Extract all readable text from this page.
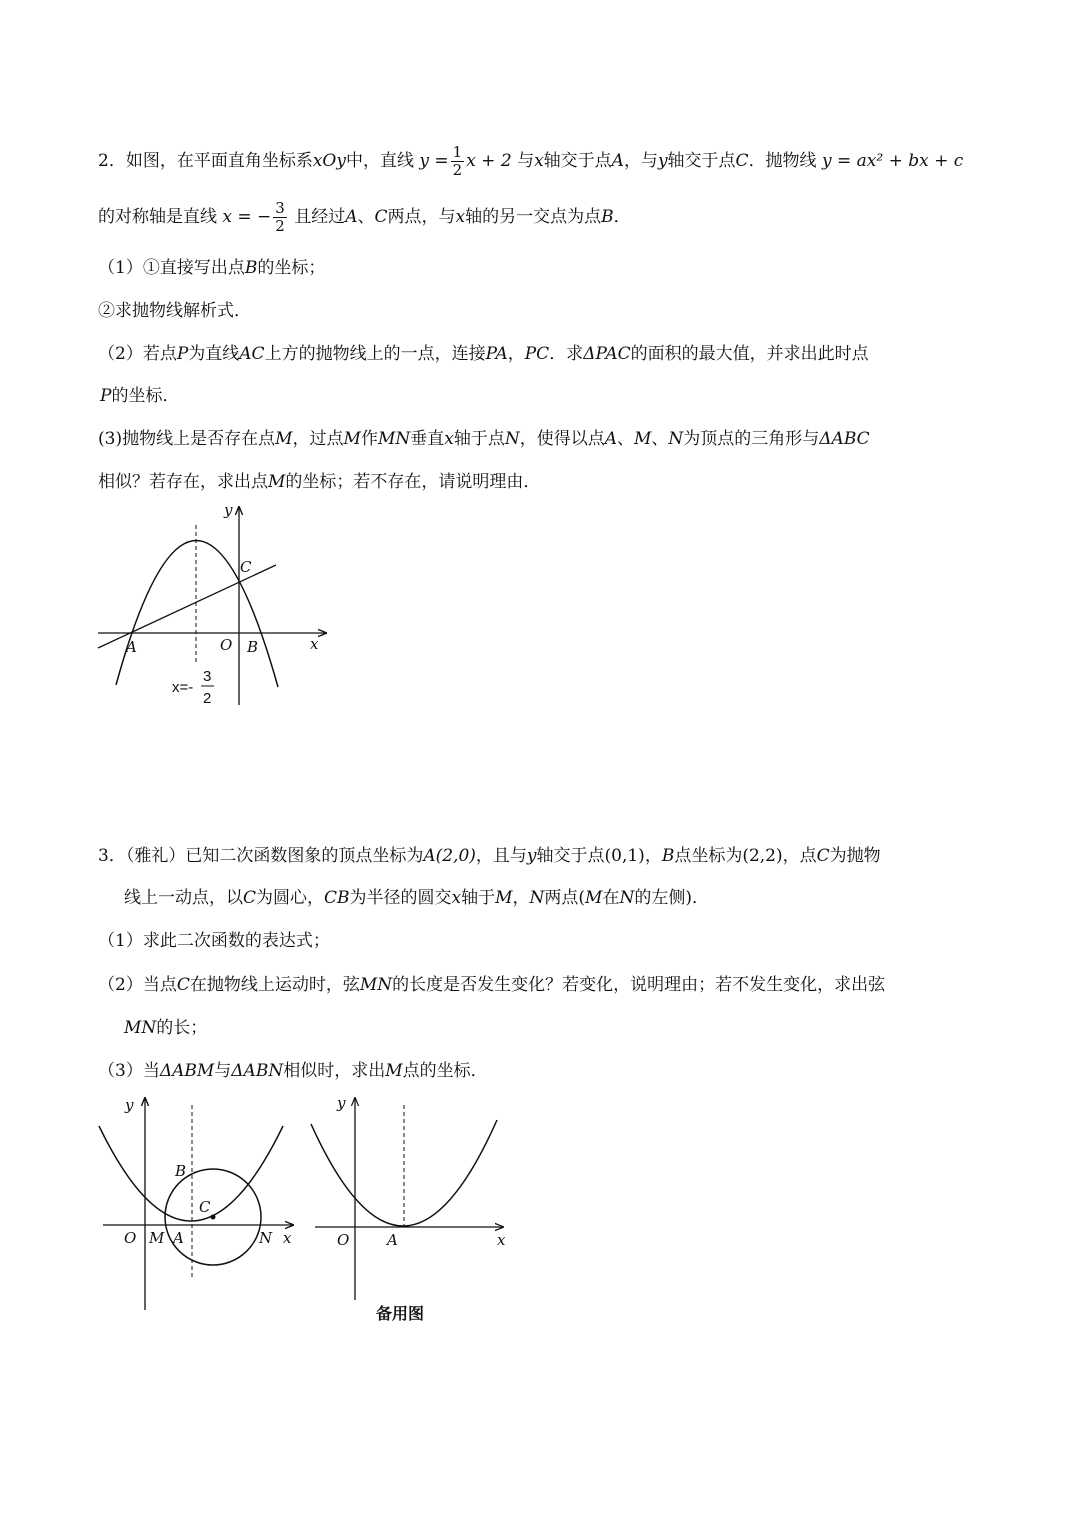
2．如图，在平面直角坐标系xOy中，直线 $y = \frac{1}{2}$ x + 2 与x轴交于点A，与y轴交于点C．抛物线 y = ax² + bx + c
的对称轴是直线 x = − $\frac{3}{2}$ 且经过A、C两点，与x轴的另一交点为点B．
（1）①直接写出点B的坐标；
②求抛物线解析式．
（2）若点P为直线AC上方的抛物线上的一点，连接PA，PC．求ΔPAC的面积的最大值，并求出此时点
P的坐标．
(3)抛物线上是否存在点M，过点M作MN垂直x轴于点N，使得以点A、M、N为顶点的三角形与ΔABC
相似？若存在，求出点M的坐标；若不存在，请说明理由．
y
x
C
O B
A
x=-
3
2
3．（雅礼）已知二次函数图象的顶点坐标为A(2,0)，且与y轴交于点(0,1)，B点坐标为(2,2)，点C为抛物
线上一动点，以C为圆心，CB为半径的圆交x轴于M，N两点(M在N的左侧)．
（1）求此二次函数的表达式；
（2）当点C在抛物线上运动时，弦MN的长度是否发生变化？若变化，说明理由；若不发生变化，求出弦
MN的长；
（3）当ΔABM与ΔABN相似时，求出M点的坐标．
y
x
B
C
O M A	N
y
x
O	A
备用图
